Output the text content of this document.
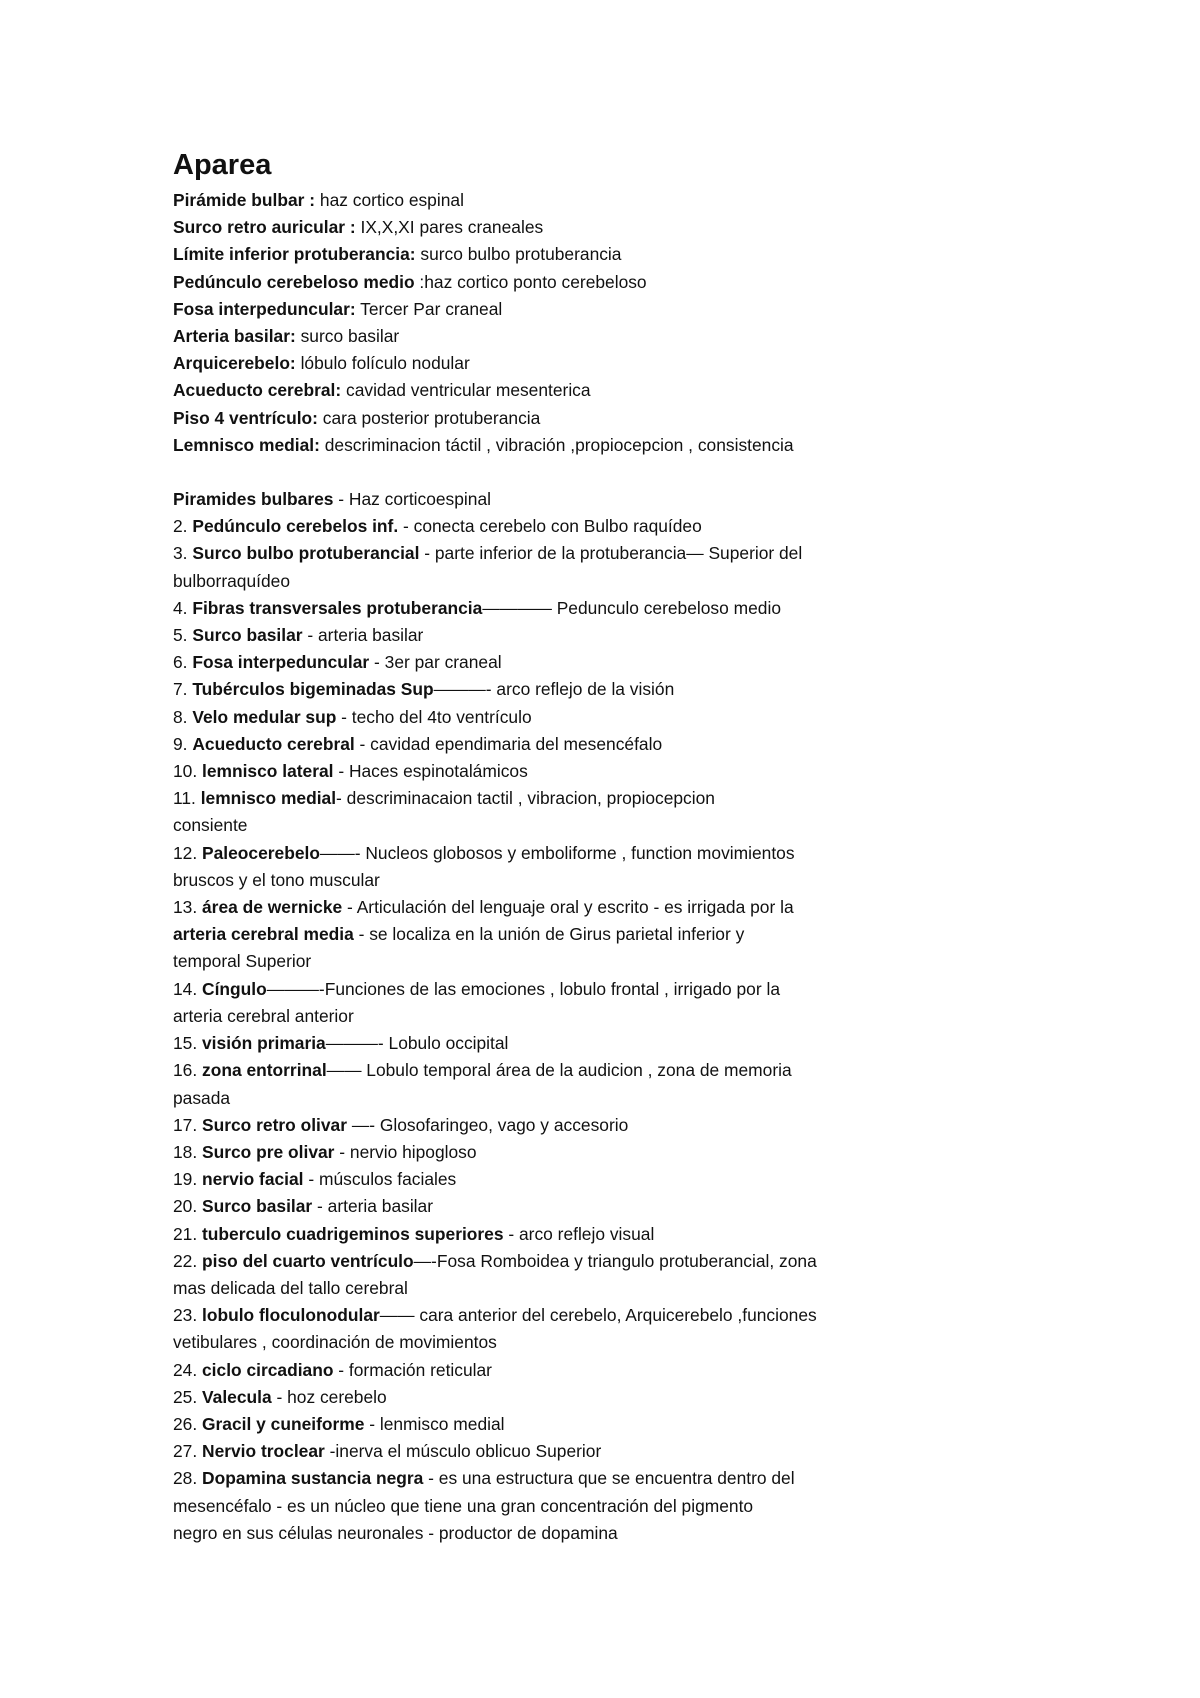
Aparea
Pirámide bulbar : haz cortico espinal
Surco retro auricular : IX,X,XI pares craneales
Límite inferior protuberancia: surco bulbo protuberancia
Pedúnculo cerebeloso medio :haz cortico ponto cerebeloso
Fosa interpeduncular: Tercer Par craneal
Arteria basilar: surco basilar
Arquicerebelo: lóbulo folículo nodular
Acueducto cerebral: cavidad ventricular mesenterica
Piso 4 ventrículo: cara posterior protuberancia
Lemnisco medial: descriminacion táctil , vibración ,propiocepcion , consistencia
Piramides bulbares - Haz corticoespinal
2. Pedúnculo cerebelos inf. - conecta cerebelo con Bulbo raquídeo
3. Surco bulbo protuberancial - parte inferior de la protuberancia— Superior del
bulborraquídeo
4. Fibras transversales protuberancia———— Pedunculo cerebeloso medio
5. Surco basilar - arteria basilar
6. Fosa interpeduncular - 3er par craneal
7. Tubérculos bigeminadas Sup———- arco reflejo de la visión
8. Velo medular sup - techo del 4to ventrículo
9. Acueducto cerebral - cavidad ependimaria del mesencéfalo
10. lemnisco lateral - Haces espinotalámicos
11. lemnisco medial- descriminacaion tactil , vibracion, propiocepcion
consiente
12. Paleocerebelo——- Nucleos globosos y emboliforme , function movimientos
bruscos y el tono muscular
13. área de wernicke - Articulación del lenguaje oral y escrito - es irrigada por la
arteria cerebral media - se localiza en la unión de Girus parietal inferior y
temporal Superior
14. Cíngulo———-Funciones de las emociones , lobulo frontal , irrigado por la
arteria cerebral anterior
15. visión primaria———- Lobulo occipital
16. zona entorrinal—— Lobulo temporal área de la audicion , zona de memoria
pasada
17. Surco retro olivar —- Glosofaringeo, vago y accesorio
18. Surco pre olivar - nervio hipogloso
19. nervio facial - músculos faciales
20. Surco basilar - arteria basilar
21. tuberculo cuadrigeminos superiores - arco reflejo visual
22. piso del cuarto ventrículo—-Fosa Romboidea y triangulo protuberancial, zona
mas delicada del tallo cerebral
23. lobulo floculonodular—— cara anterior del cerebelo, Arquicerebelo ,funciones
vetibulares , coordinación de movimientos
24. ciclo circadiano - formación reticular
25. Valecula - hoz cerebelo
26. Gracil y cuneiforme - lenmisco medial
27. Nervio troclear -inerva el músculo oblicuo Superior
28. Dopamina sustancia negra - es una estructura que se encuentra dentro del
mesencéfalo - es un núcleo que tiene una gran concentración del pigmento
negro en sus células neuronales - productor de dopamina
